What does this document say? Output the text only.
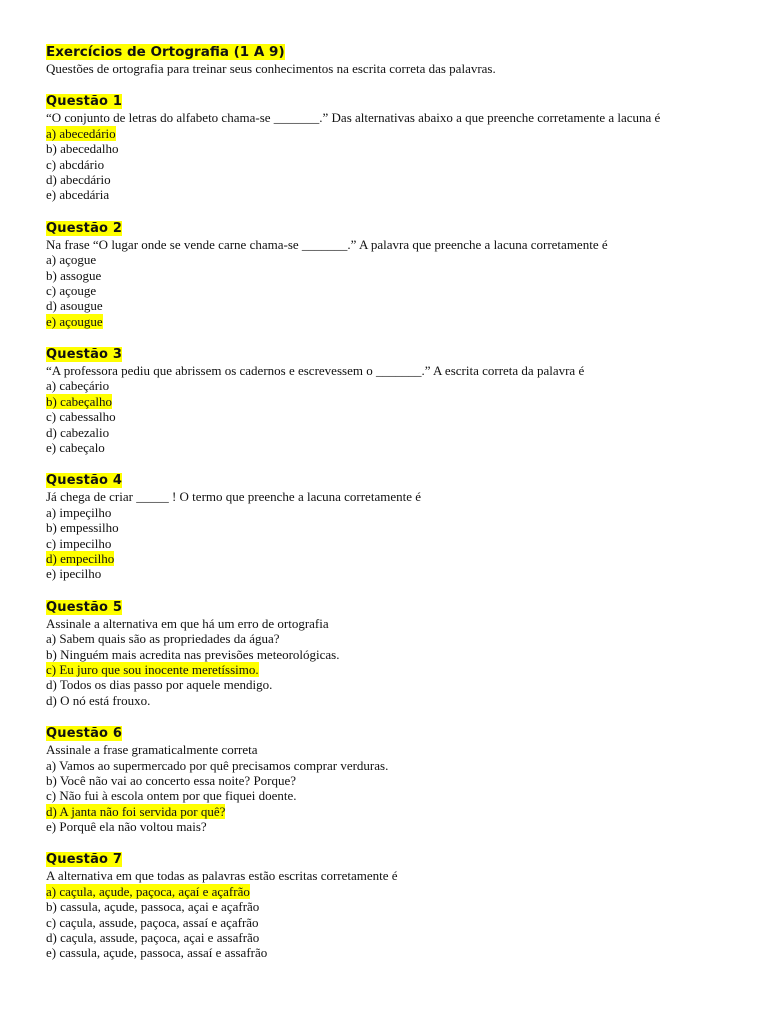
Exercícios de Ortografia (1 A 9)
Questões de ortografia para treinar seus conhecimentos na escrita correta das palavras.
Questão 1
“O conjunto de letras do alfabeto chama-se _______.” Das alternativas abaixo a que preenche corretamente a lacuna é
a) abecedário
b) abecedalho
c) abcdário
d) abecdário
e) abcedária
Questão 2
Na frase “O lugar onde se vende carne chama-se _______.” A palavra que preenche a lacuna corretamente é
a) açogue
b) assogue
c) açouge
d) asougue
e) açougue
Questão 3
“A professora pediu que abrissem os cadernos e escrevessem o _______.” A escrita correta da palavra é
a) cabeçário
b) cabeçalho
c) cabessalho
d) cabezalio
e) cabeçalo
Questão 4
Já chega de criar _____ ! O termo que preenche a lacuna corretamente é
a) impeçilho
b) empessilho
c) impecilho
d) empecilho
e) ipecilho
Questão 5
Assinale a alternativa em que há um erro de ortografia
a) Sabem quais são as propriedades da água?
b) Ninguém mais acredita nas previsões meteorológicas.
c) Eu juro que sou inocente meretíssimo.
d) Todos os dias passo por aquele mendigo.
d) O nó está frouxo.
Questão 6
Assinale a frase gramaticalmente correta
a) Vamos ao supermercado por quê precisamos comprar verduras.
b) Você não vai ao concerto essa noite? Porque?
c) Não fui à escola ontem por que fiquei doente.
d) A janta não foi servida por quê?
e) Porquê ela não voltou mais?
Questão 7
A alternativa em que todas as palavras estão escritas corretamente é
a) caçula, açude, paçoca, açaí e açafrão
b) cassula, açude, passoca, açai e açafrão
c) caçula, assude, paçoca, assaí e açafrão
d) caçula, assude, paçoca, açai e assafrão
e) cassula, açude, passoca, assaí e assafrão
